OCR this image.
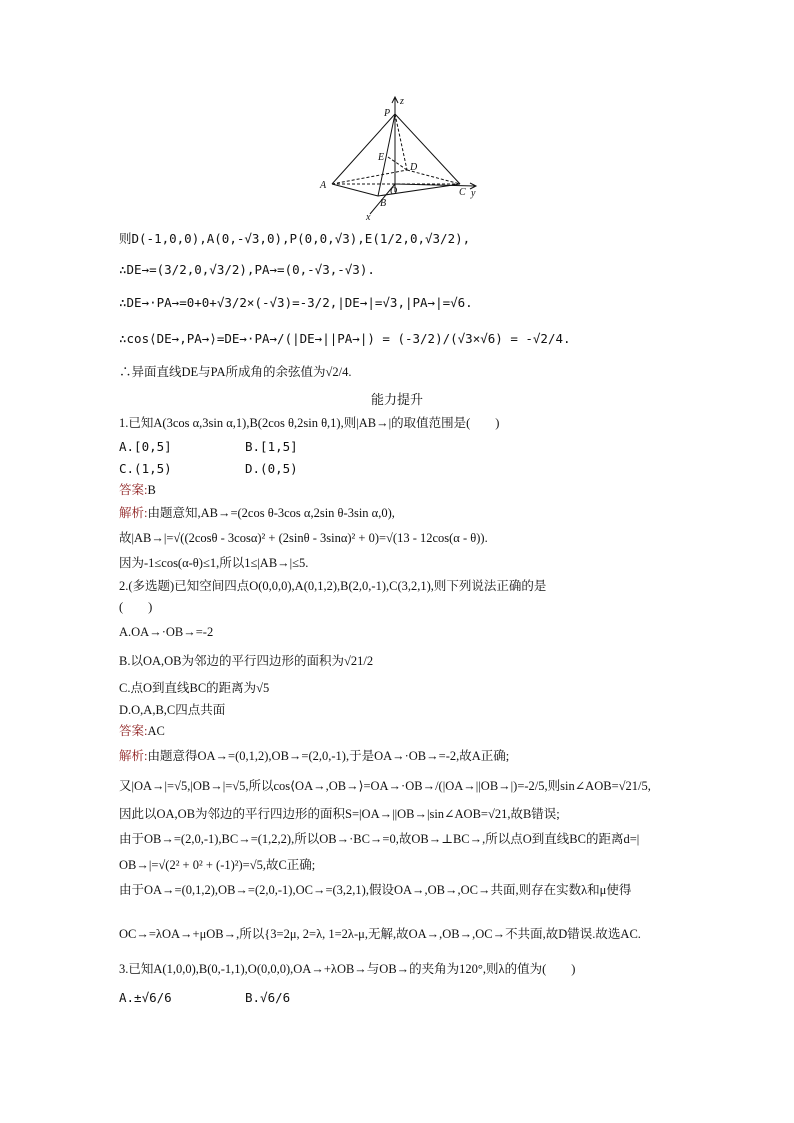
P
z
E
D
A
O	C y
B
x
则D(-1,0,0),A(0,-√3,0),P(0,0,√3),E(1/2,0,√3/2),
∴DE→=(3/2,0,√3/2),PA→=(0,-√3,-√3).
∴DE→·PA→=0+0+√3/2×(-√3)=-3/2,|DE→|=√3,|PA→|=√6.
∴cos⟨DE→,PA→⟩=DE→·PA→/(|DE→||PA→|) = (-3/2)/(√3×√6) = -√2/4.
∴异面直线DE与PA所成角的余弦值为√2/4.
能力提升
1.已知A(3cos α,3sin α,1),B(2cos θ,2sin θ,1),则|AB→|的取值范围是(　　)
A.[0,5]	B.[1,5]
C.(1,5)	D.(0,5)
答案:B
解析:由题意知,AB→=(2cos θ-3cos α,2sin θ-3sin α,0),
故|AB→|=√((2cosθ - 3cosα)² + (2sinθ - 3sinα)² + 0)=√(13 - 12cos(α - θ)).
因为-1≤cos(α-θ)≤1,所以1≤|AB→|≤5.
2.(多选题)已知空间四点O(0,0,0),A(0,1,2),B(2,0,-1),C(3,2,1),则下列说法正确的是
(　　)
A.OA→·OB→=-2
B.以OA,OB为邻边的平行四边形的面积为√21/2
C.点O到直线BC的距离为√5
D.O,A,B,C四点共面
答案:AC
解析:由题意得OA→=(0,1,2),OB→=(2,0,-1),于是OA→·OB→=-2,故A正确;
又|OA→|=√5,|OB→|=√5,所以cos⟨OA→,OB→⟩=OA→·OB→/(|OA→||OB→|)=-2/5,则sin∠AOB=√21/5,
因此以OA,OB为邻边的平行四边形的面积S=|OA→||OB→|sin∠AOB=√21,故B错误;
由于OB→=(2,0,-1),BC→=(1,2,2),所以OB→·BC→=0,故OB→⊥BC→,所以点O到直线BC的距离d=|
OB→|=√(2² + 0² + (-1)²)=√5,故C正确;
由于OA→=(0,1,2),OB→=(2,0,-1),OC→=(3,2,1),假设OA→,OB→,OC→共面,则存在实数λ和μ使得
OC→=λOA→+μOB→,所以{3=2μ, 2=λ, 1=2λ-μ,无解,故OA→,OB→,OC→不共面,故D错误.故选AC.
3.已知A(1,0,0),B(0,-1,1),O(0,0,0),OA→+λOB→与OB→的夹角为120°,则λ的值为(　　)
A.±√6/6	B.√6/6
